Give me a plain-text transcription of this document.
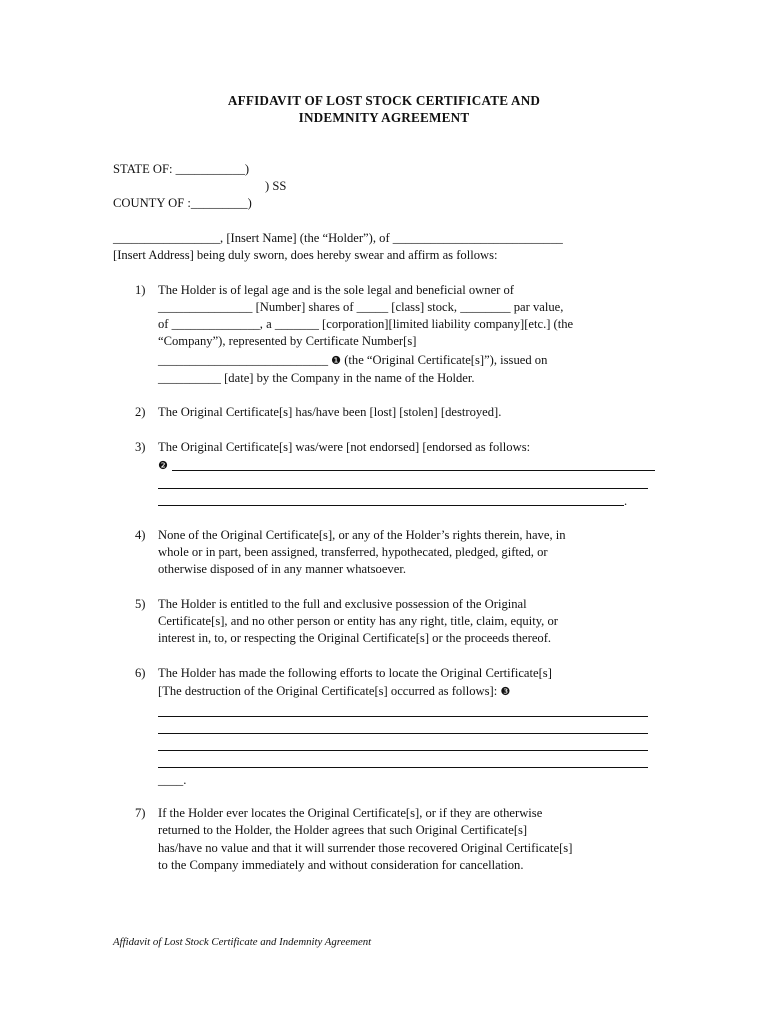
AFFIDAVIT OF LOST STOCK CERTIFICATE AND
INDEMNITY AGREEMENT
STATE OF: ___________)
) SS
COUNTY OF :_________)
_________________, [Insert Name] (the “Holder”), of ___________________________
[Insert Address] being duly sworn, does hereby swear and affirm as follows:
1) The Holder is of legal age and is the sole legal and beneficial owner of
_______________ [Number] shares of _____ [class] stock, ________ par value,
of ______________, a _______ [corporation][limited liability company][etc.] (the
“Company”), represented by Certificate Number[s]
___________________________ ❶ (the “Original Certificate[s]”), issued on
__________ [date] by the Company in the name of the Holder.
2) The Original Certificate[s] has/have been [lost] [stolen] [destroyed].
3) The Original Certificate[s] was/were [not endorsed] [endorsed as follows:
❷
.
4) None of the Original Certificate[s], or any of the Holder’s rights therein, have, in
whole or in part, been assigned, transferred, hypothecated, pledged, gifted, or
otherwise disposed of in any manner whatsoever.
5) The Holder is entitled to the full and exclusive possession of the Original
Certificate[s], and no other person or entity has any right, title, claim, equity, or
interest in, to, or respecting the Original Certificate[s] or the proceeds thereof.
6) The Holder has made the following efforts to locate the Original Certificate[s]
[The destruction of the Original Certificate[s] occurred as follows]: ❸
____.
7) If the Holder ever locates the Original Certificate[s], or if they are otherwise
returned to the Holder, the Holder agrees that such Original Certificate[s]
has/have no value and that it will surrender those recovered Original Certificate[s]
to the Company immediately and without consideration for cancellation.
Affidavit of Lost Stock Certificate and Indemnity Agreement
